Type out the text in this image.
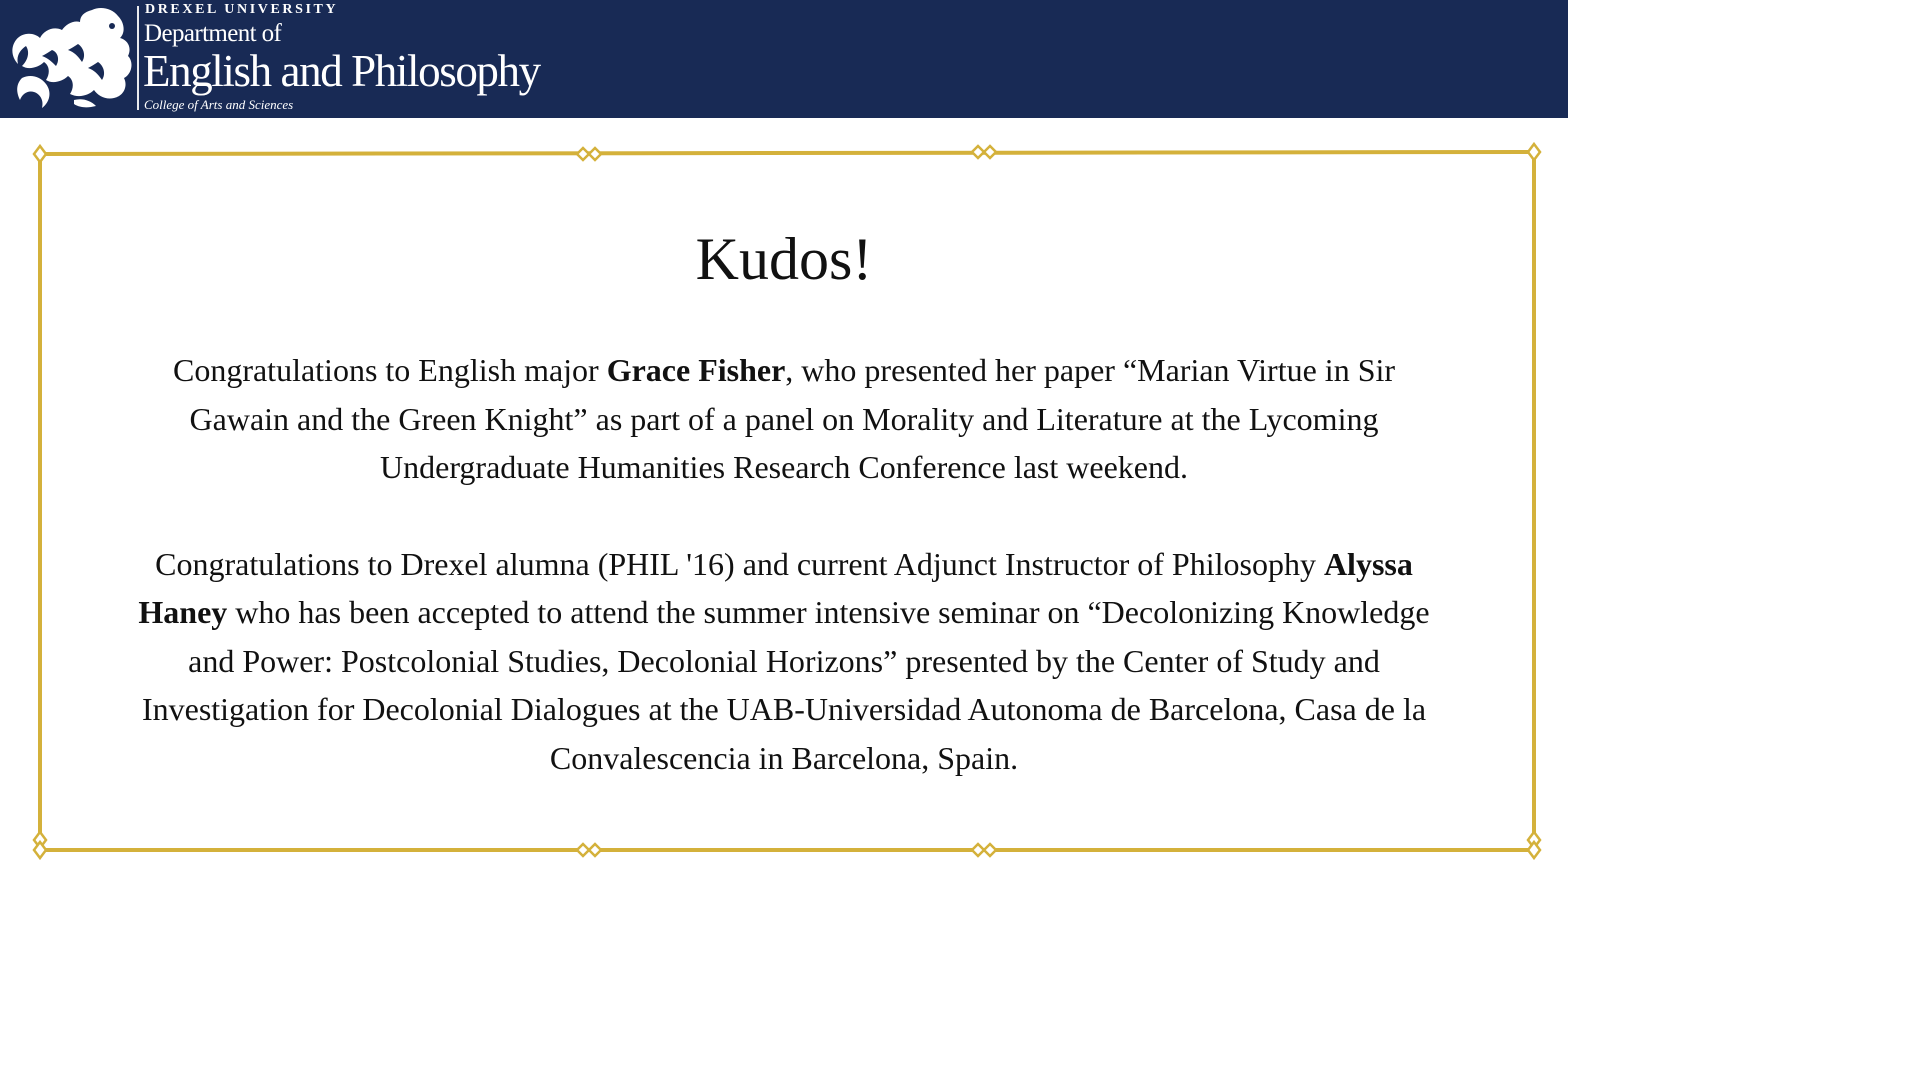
DREXEL UNIVERSITY
Department of
English and Philosophy
College of Arts and Sciences
Kudos!

Congratulations to English major Grace Fisher, who presented her paper “Marian Virtue in Sir Gawain and the Green Knight” as part of a panel on Morality and Literature at the Lycoming Undergraduate Humanities Research Conference last weekend.

Congratulations to Drexel alumna (PHIL '16) and current Adjunct Instructor of Philosophy Alyssa Haney who has been accepted to attend the summer intensive seminar on “Decolonizing Knowledge and Power: Postcolonial Studies, Decolonial Horizons” presented by the Center of Study and Investigation for Decolonial Dialogues at the UAB-Universidad Autonoma de Barcelona, Casa de la Convalescencia in Barcelona, Spain.
